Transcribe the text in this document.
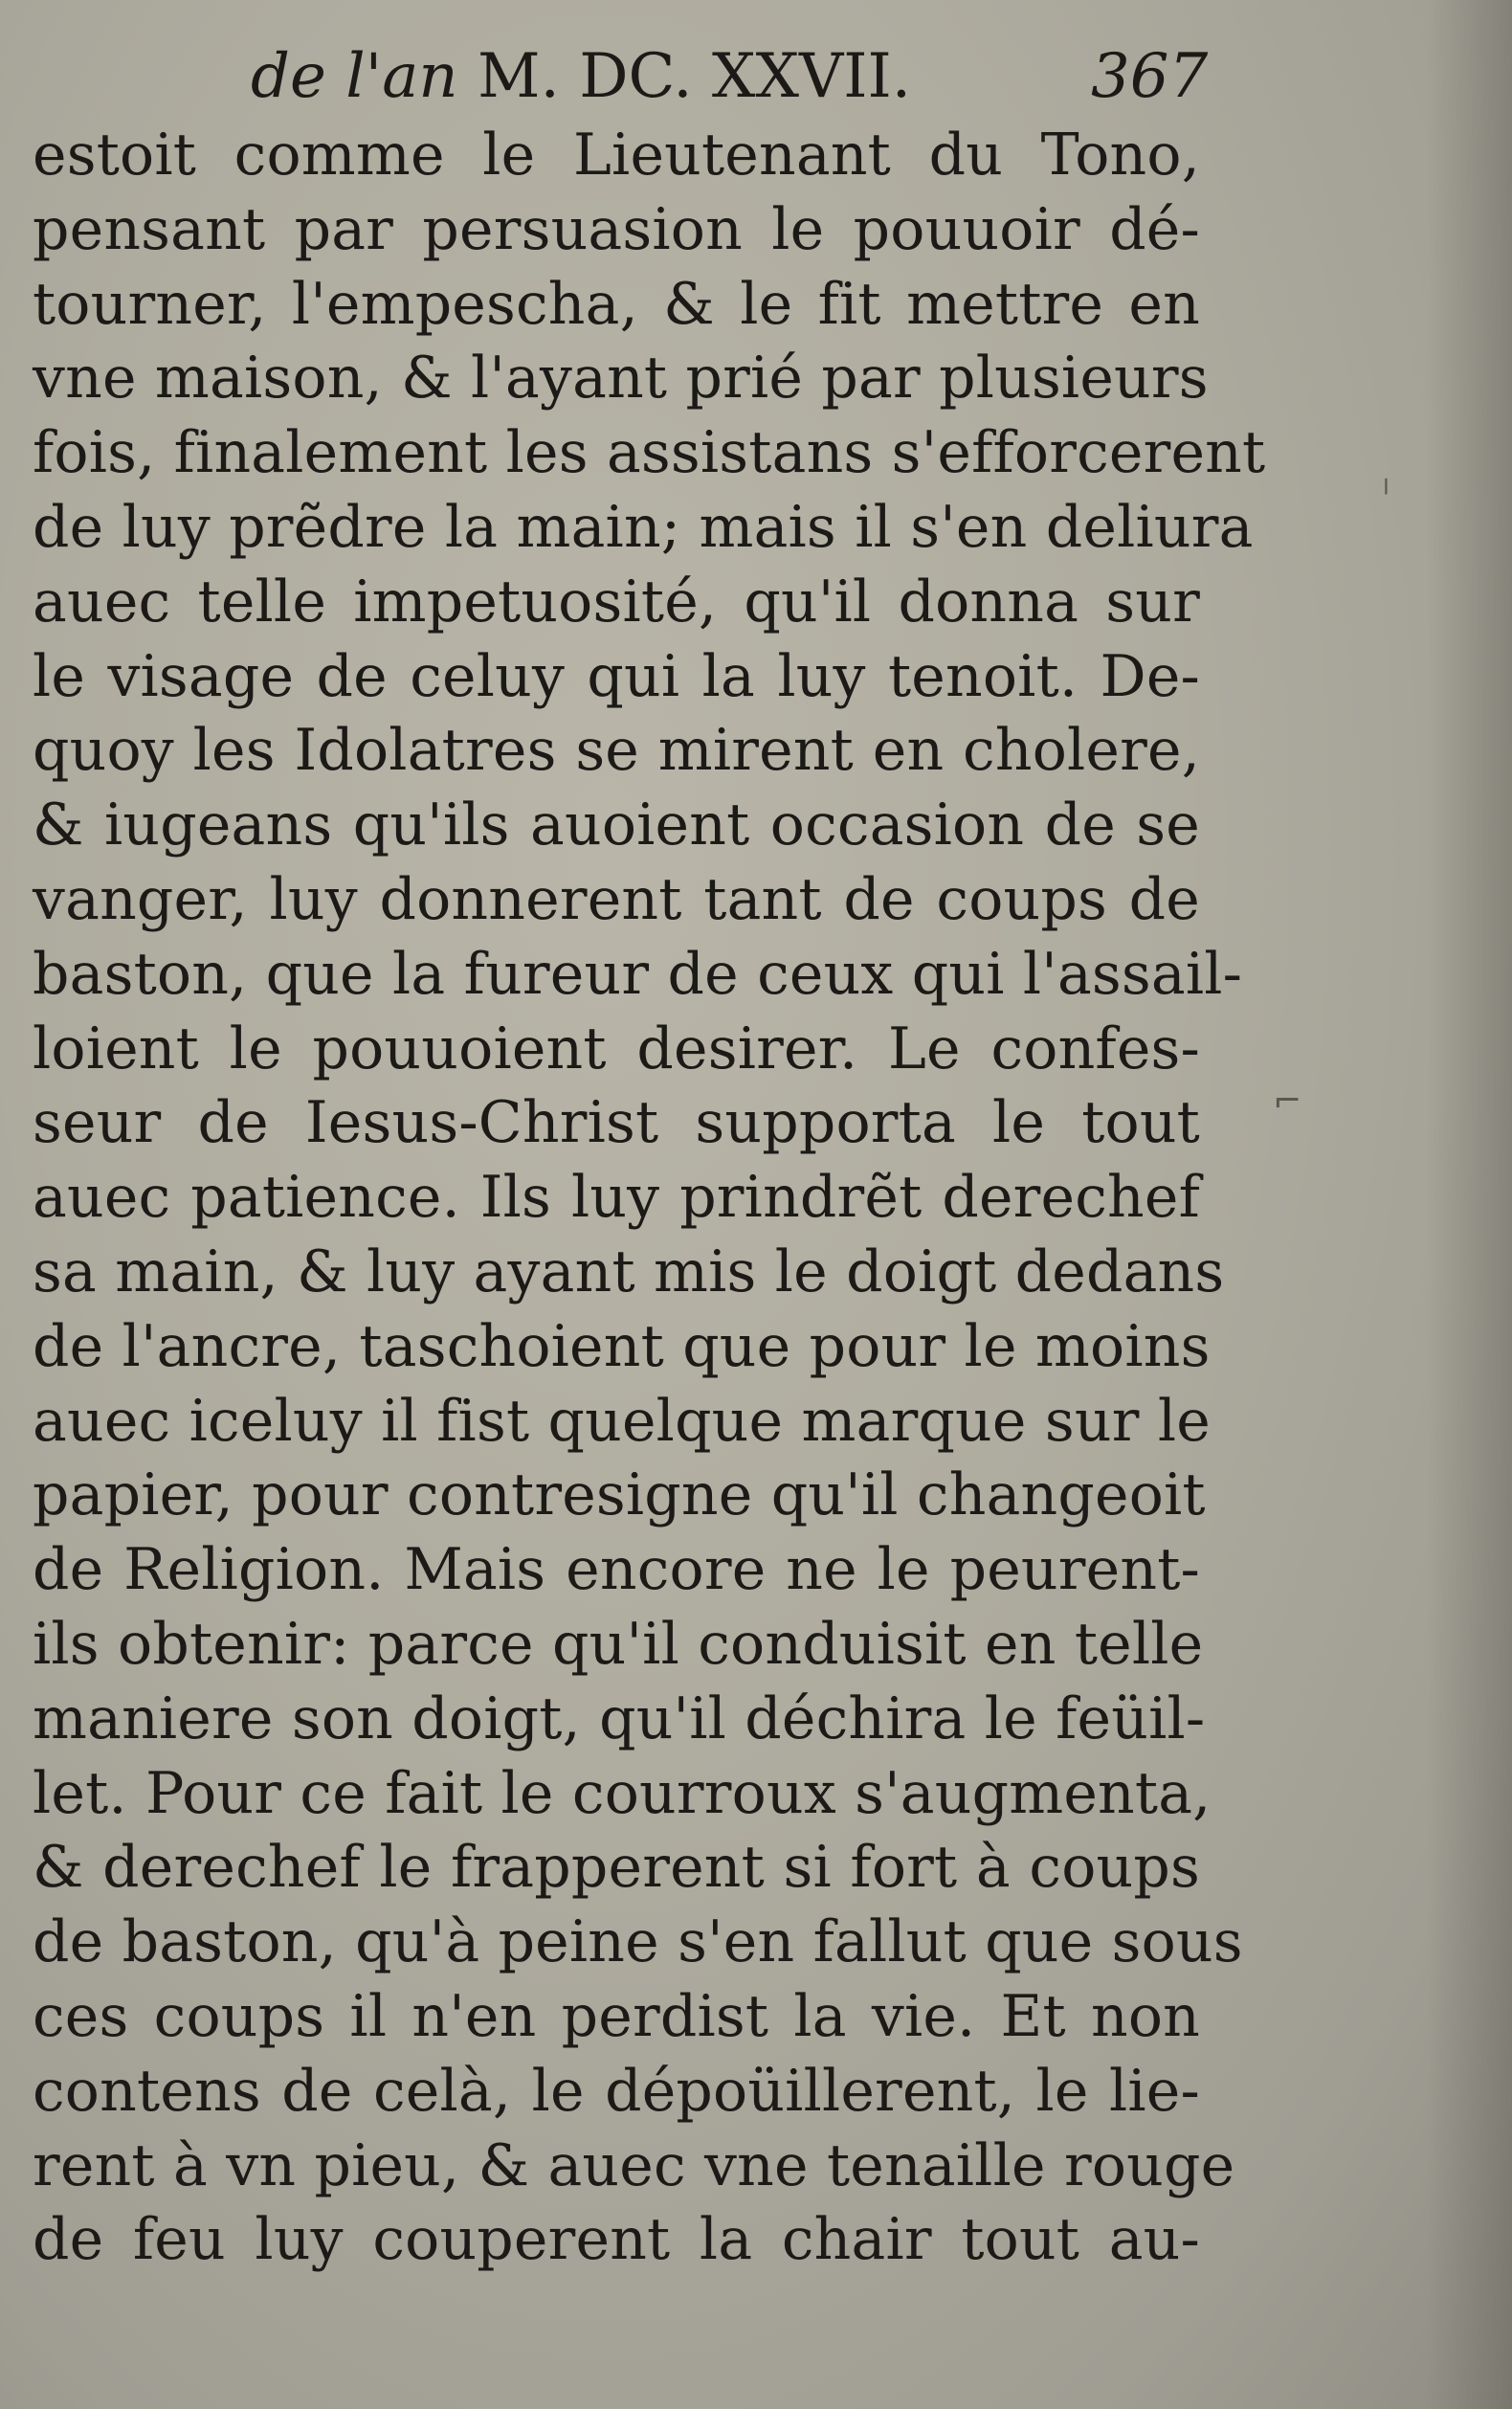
de l'an M. DC. XXVII.	367
estoit comme le Lieutenant du Tono,
pensant par persuasion le pouuoir dé-
tourner, l'empescha, & le fit mettre en
vne maison, & l'ayant prié par plusieurs
fois, finalement les assistans s'efforcerent
de luy prẽdre la main; mais il s'en deliura
auec telle impetuosité, qu'il donna sur
le visage de celuy qui la luy tenoit. De-
quoy les Idolatres se mirent en cholere,
& iugeans qu'ils auoient occasion de se
vanger, luy donnerent tant de coups de
baston, que la fureur de ceux qui l'assail-
loient le pouuoient desirer. Le confes-
seur de Iesus-Christ supporta le tout
auec patience. Ils luy prindrẽt derechef
sa main, & luy ayant mis le doigt dedans
de l'ancre, taschoient que pour le moins
auec iceluy il fist quelque marque sur le
papier, pour contresigne qu'il changeoit
de Religion. Mais encore ne le peurent-
ils obtenir: parce qu'il conduisit en telle
maniere son doigt, qu'il déchira le feüil-
let. Pour ce fait le courroux s'augmenta,
& derechef le frapperent si fort à coups
de baston, qu'à peine s'en fallut que sous
ces coups il n'en perdist la vie. Et non
contens de celà, le dépoüillerent, le lie-
rent à vn pieu, & auec vne tenaille rouge
de feu luy couperent la chair tout au-
⌐
╵
